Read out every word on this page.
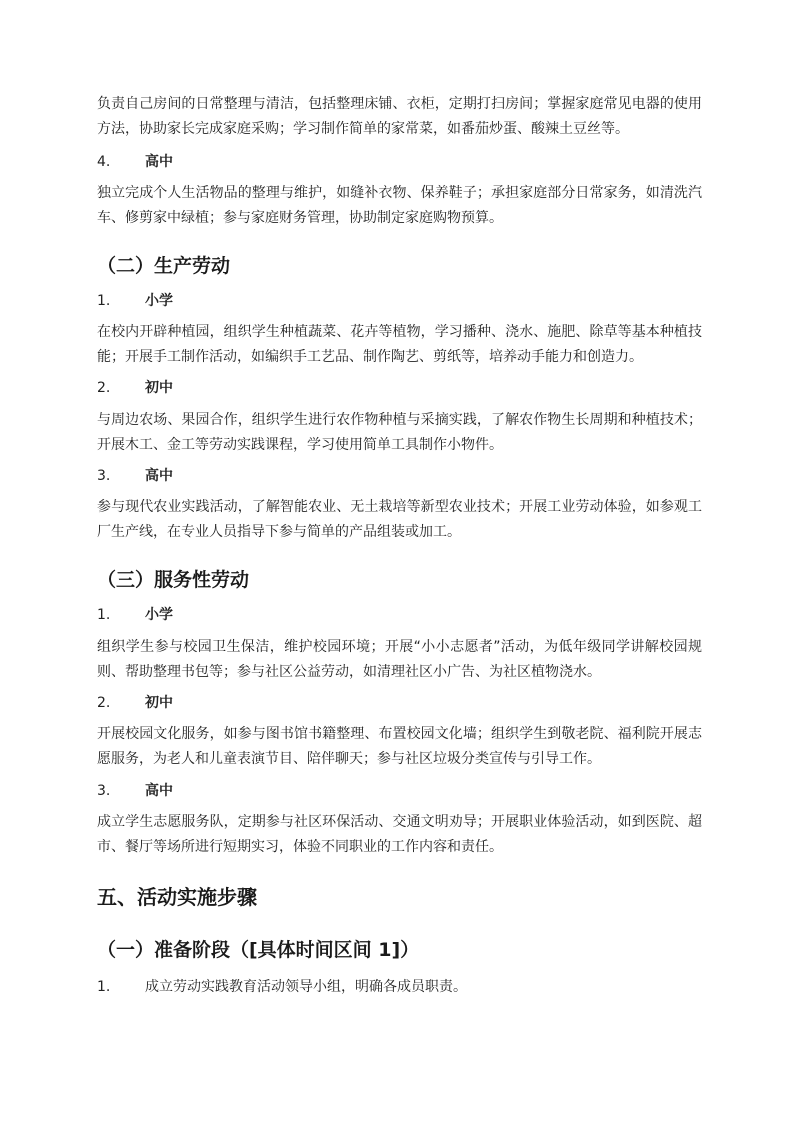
负责自己房间的日常整理与清洁，包括整理床铺、衣柜，定期打扫房间；掌握家庭常见电器的使用方法，协助家长完成家庭采购；学习制作简单的家常菜，如番茄炒蛋、酸辣土豆丝等。

4. 高中

独立完成个人生活物品的整理与维护，如缝补衣物、保养鞋子；承担家庭部分日常家务，如清洗汽车、修剪家中绿植；参与家庭财务管理，协助制定家庭购物预算。

（二）生产劳动

1. 小学

在校内开辟种植园，组织学生种植蔬菜、花卉等植物，学习播种、浇水、施肥、除草等基本种植技能；开展手工制作活动，如编织手工艺品、制作陶艺、剪纸等，培养动手能力和创造力。

2. 初中

与周边农场、果园合作，组织学生进行农作物种植与采摘实践，了解农作物生长周期和种植技术；开展木工、金工等劳动实践课程，学习使用简单工具制作小物件。

3. 高中

参与现代农业实践活动，了解智能农业、无土栽培等新型农业技术；开展工业劳动体验，如参观工厂生产线，在专业人员指导下参与简单的产品组装或加工。

（三）服务性劳动

1. 小学

组织学生参与校园卫生保洁，维护校园环境；开展“小小志愿者”活动，为低年级同学讲解校园规则、帮助整理书包等；参与社区公益劳动，如清理社区小广告、为社区植物浇水。

2. 初中

开展校园文化服务，如参与图书馆书籍整理、布置校园文化墙；组织学生到敬老院、福利院开展志愿服务，为老人和儿童表演节目、陪伴聊天；参与社区垃圾分类宣传与引导工作。

3. 高中

成立学生志愿服务队，定期参与社区环保活动、交通文明劝导；开展职业体验活动，如到医院、超市、餐厅等场所进行短期实习，体验不同职业的工作内容和责任。

五、活动实施步骤
（一）准备阶段（[具体时间区间 1]）

1. 成立劳动实践教育活动领导小组，明确各成员职责。
